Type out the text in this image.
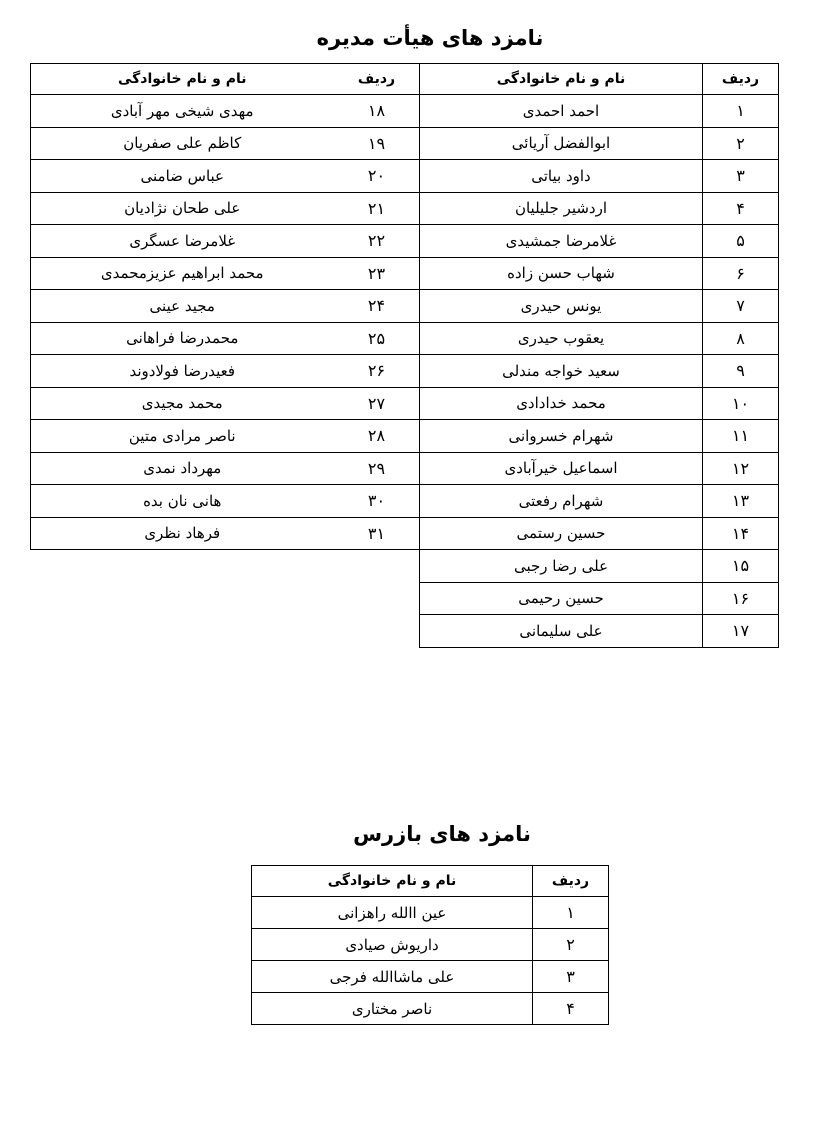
نامزد های هیأت مدیره
ردیف	نام و نام خانوادگی
۱	احمد احمدی
۲	ابوالفضل آریائی
۳	داود بیاتی
۴	اردشیر جلیلیان
۵	غلامرضا جمشیدی
۶	شهاب حسن زاده
۷	یونس حیدری
۸	یعقوب حیدری
۹	سعید خواجه مندلی
۱۰	محمد خدادادی
۱۱	شهرام خسروانی
۱۲	اسماعیل خیرآبادی
۱۳	شهرام رفعتی
۱۴	حسین رستمی
۱۵	علی رضا رجبی
۱۶	حسین رحیمی
۱۷	علی سلیمانی
ردیف	نام و نام خانوادگی
۱۸	مهدی شیخی مهر آبادی
۱۹	کاظم علی صفریان
۲۰	عباس ضامنی
۲۱	علی طحان نژادیان
۲۲	غلامرضا عسگری
۲۳	محمد ابراهیم عزیزمحمدی
۲۴	مجید عینی
۲۵	محمدرضا فراهانی
۲۶	فعیدرضا فولادوند
۲۷	محمد مجیدی
۲۸	ناصر مرادی متین
۲۹	مهرداد نمدی
۳۰	هانی نان بده
۳۱	فرهاد نظری
نامزد های بازرس
ردیف	نام و نام خانوادگی
۱	عین االله راهزانی
۲	داریوش صیادی
۳	علی ماشاالله فرجی
۴	ناصر مختاری
